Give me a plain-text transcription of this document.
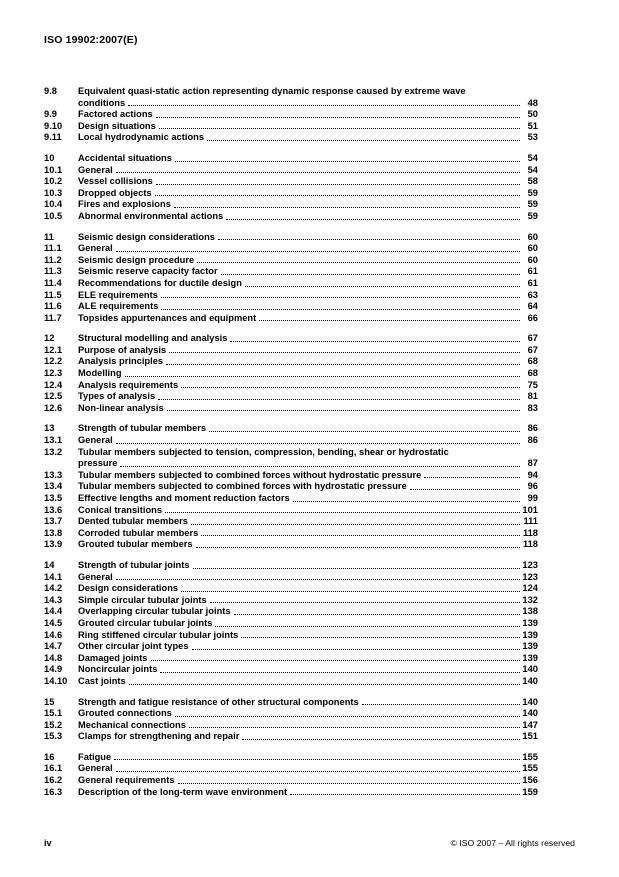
ISO 19902:2007(E)
9.8	Equivalent quasi-static action representing dynamic response caused by extreme wave
conditions	48
9.9	Factored actions	50
9.10	Design situations	51
9.11	Local hydrodynamic actions	53
10	Accidental situations	54
10.1	General	54
10.2	Vessel collisions	58
10.3	Dropped objects	59
10.4	Fires and explosions	59
10.5	Abnormal environmental actions	59
11	Seismic design considerations	60
11.1	General	60
11.2	Seismic design procedure	60
11.3	Seismic reserve capacity factor	61
11.4	Recommendations for ductile design	61
11.5	ELE requirements	63
11.6	ALE requirements	64
11.7	Topsides appurtenances and equipment	66
12	Structural modelling and analysis	67
12.1	Purpose of analysis	67
12.2	Analysis principles	68
12.3	Modelling	68
12.4	Analysis requirements	75
12.5	Types of analysis	81
12.6	Non-linear analysis	83
13	Strength of tubular members	86
13.1	General	86
13.2	Tubular members subjected to tension, compression, bending, shear or hydrostatic
pressure	87
13.3	Tubular members subjected to combined forces without hydrostatic pressure	94
13.4	Tubular members subjected to combined forces with hydrostatic pressure	96
13.5	Effective lengths and moment reduction factors	99
13.6	Conical transitions	101
13.7	Dented tubular members	111
13.8	Corroded tubular members	118
13.9	Grouted tubular members	118
14	Strength of tubular joints	123
14.1	General	123
14.2	Design considerations	124
14.3	Simple circular tubular joints	132
14.4	Overlapping circular tubular joints	138
14.5	Grouted circular tubular joints	139
14.6	Ring stiffened circular tubular joints	139
14.7	Other circular joint types	139
14.8	Damaged joints	139
14.9	Noncircular joints	140
14.10	Cast joints	140
15	Strength and fatigue resistance of other structural components	140
15.1	Grouted connections	140
15.2	Mechanical connections	147
15.3	Clamps for strengthening and repair	151
16	Fatigue	155
16.1	General	155
16.2	General requirements	156
16.3	Description of the long-term wave environment	159
iv	© ISO 2007 – All rights reserved
